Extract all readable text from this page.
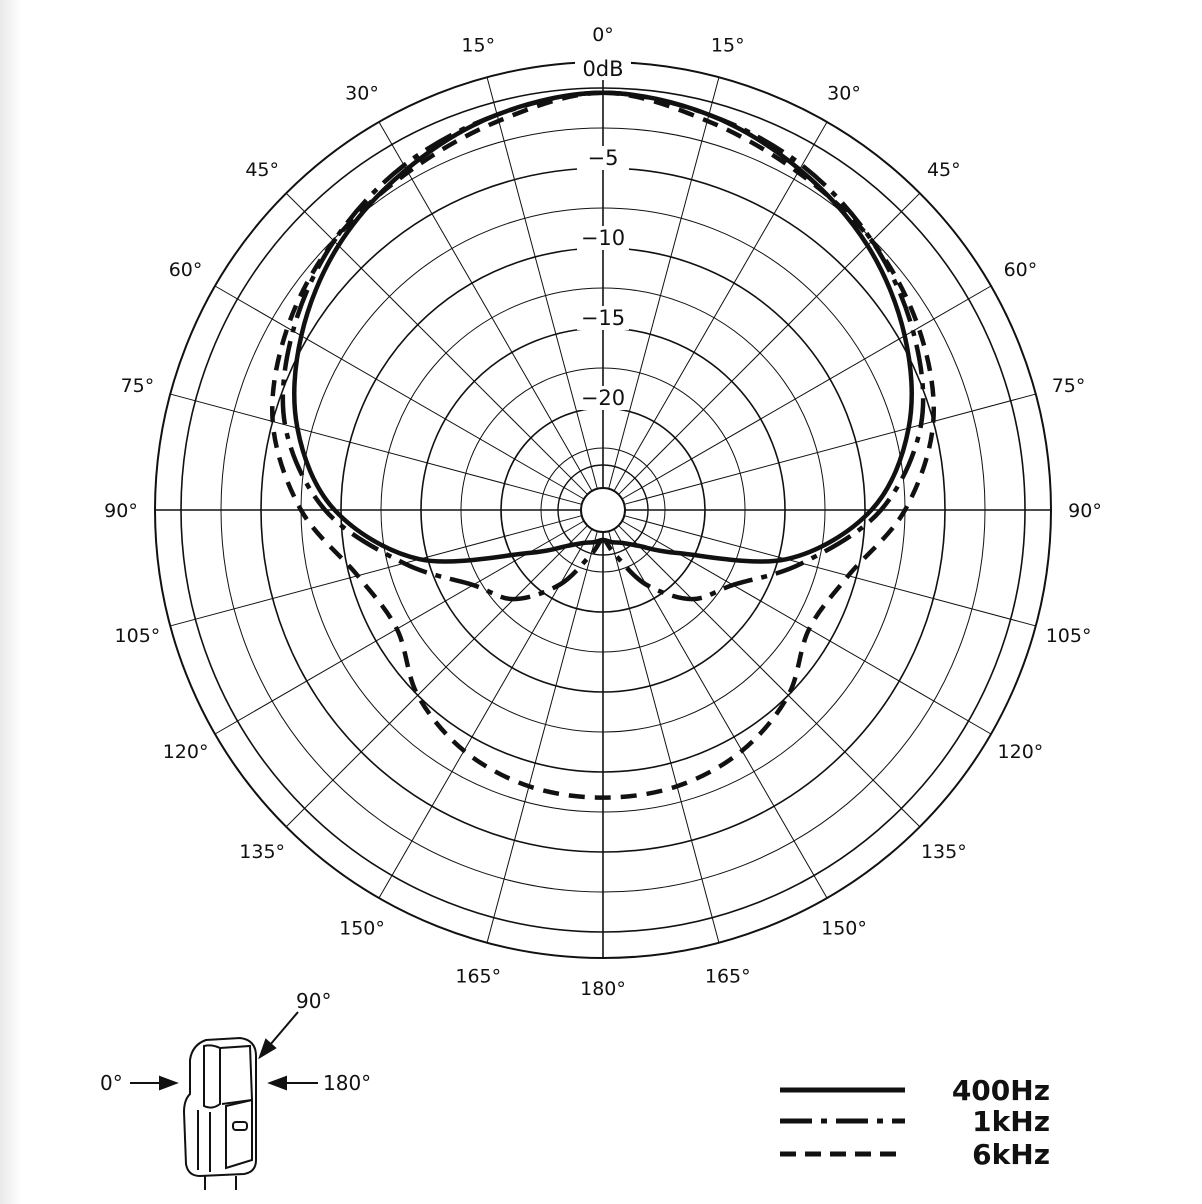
0°	15°
30°
45°
60°
75°
90°
105°
120°
135°
150°
165°
180°
15°
30°
45°
60°
75°
90°
105°
120°
135°
150°
165°
0dB
−5
−10
−15
−20
400Hz
1kHz
6kHz
0°
90°
180°
